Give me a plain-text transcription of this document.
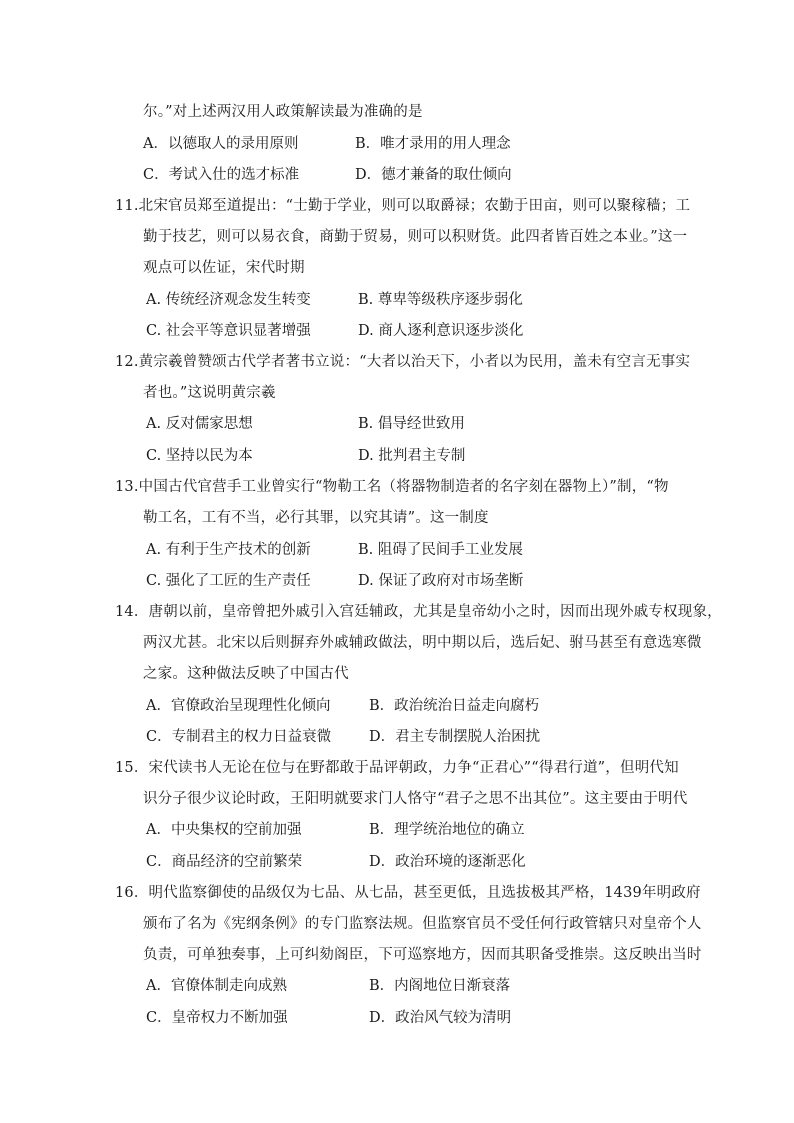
尔。”对上述两汉用人政策解读最为准确的是
A．以德取人的录用原则	B．唯才录用的用人理念
C．考试入仕的选才标准	D．德才兼备的取仕倾向
11.北宋官员郑至道提出：“士勤于学业，则可以取爵禄；农勤于田亩，则可以聚稼穑；工
勤于技艺，则可以易衣食，商勤于贸易，则可以积财货。此四者皆百姓之本业。”这一
观点可以佐证，宋代时期
A. 传统经济观念发生转变	B. 尊卑等级秩序逐步弱化
C. 社会平等意识显著增强	D. 商人逐利意识逐步淡化
12.黄宗羲曾赞颂古代学者著书立说：“大者以治天下，小者以为民用，盖未有空言无事实
者也。”这说明黄宗羲
A. 反对儒家思想	B. 倡导经世致用
C. 坚持以民为本	D. 批判君主专制
13.中国古代官营手工业曾实行“物勒工名（将器物制造者的名字刻在器物上）”制，“物
勒工名，工有不当，必行其罪，以究其请”。这一制度
A. 有利于生产技术的创新	B. 阻碍了民间手工业发展
C. 强化了工匠的生产责任	D. 保证了政府对市场垄断
14．唐朝以前，皇帝曾把外戚引入宫廷辅政，尤其是皇帝幼小之时，因而出现外戚专权现象，
两汉尤甚。北宋以后则摒弃外戚辅政做法，明中期以后，选后妃、驸马甚至有意选寒微
之家。这种做法反映了中国古代
A．官僚政治呈现理性化倾向	B．政治统治日益走向腐朽
C．专制君主的权力日益衰微	D．君主专制摆脱人治困扰
15．宋代读书人无论在位与在野都敢于品评朝政，力争“正君心”“得君行道”，但明代知
识分子很少议论时政，王阳明就要求门人恪守“君子之思不出其位”。这主要由于明代
A．中央集权的空前加强	B．理学统治地位的确立
C．商品经济的空前繁荣	D．政治环境的逐渐恶化
16．明代监察御使的品级仅为七品、从七品，甚至更低，且选拔极其严格，1439年明政府
颁布了名为《宪纲条例》的专门监察法规。但监察官员不受任何行政管辖只对皇帝个人
负责，可单独奏事，上可纠劾阁臣，下可巡察地方，因而其职备受推崇。这反映出当时
A．官僚体制走向成熟	B．内阁地位日渐衰落
C．皇帝权力不断加强	D．政治风气较为清明
